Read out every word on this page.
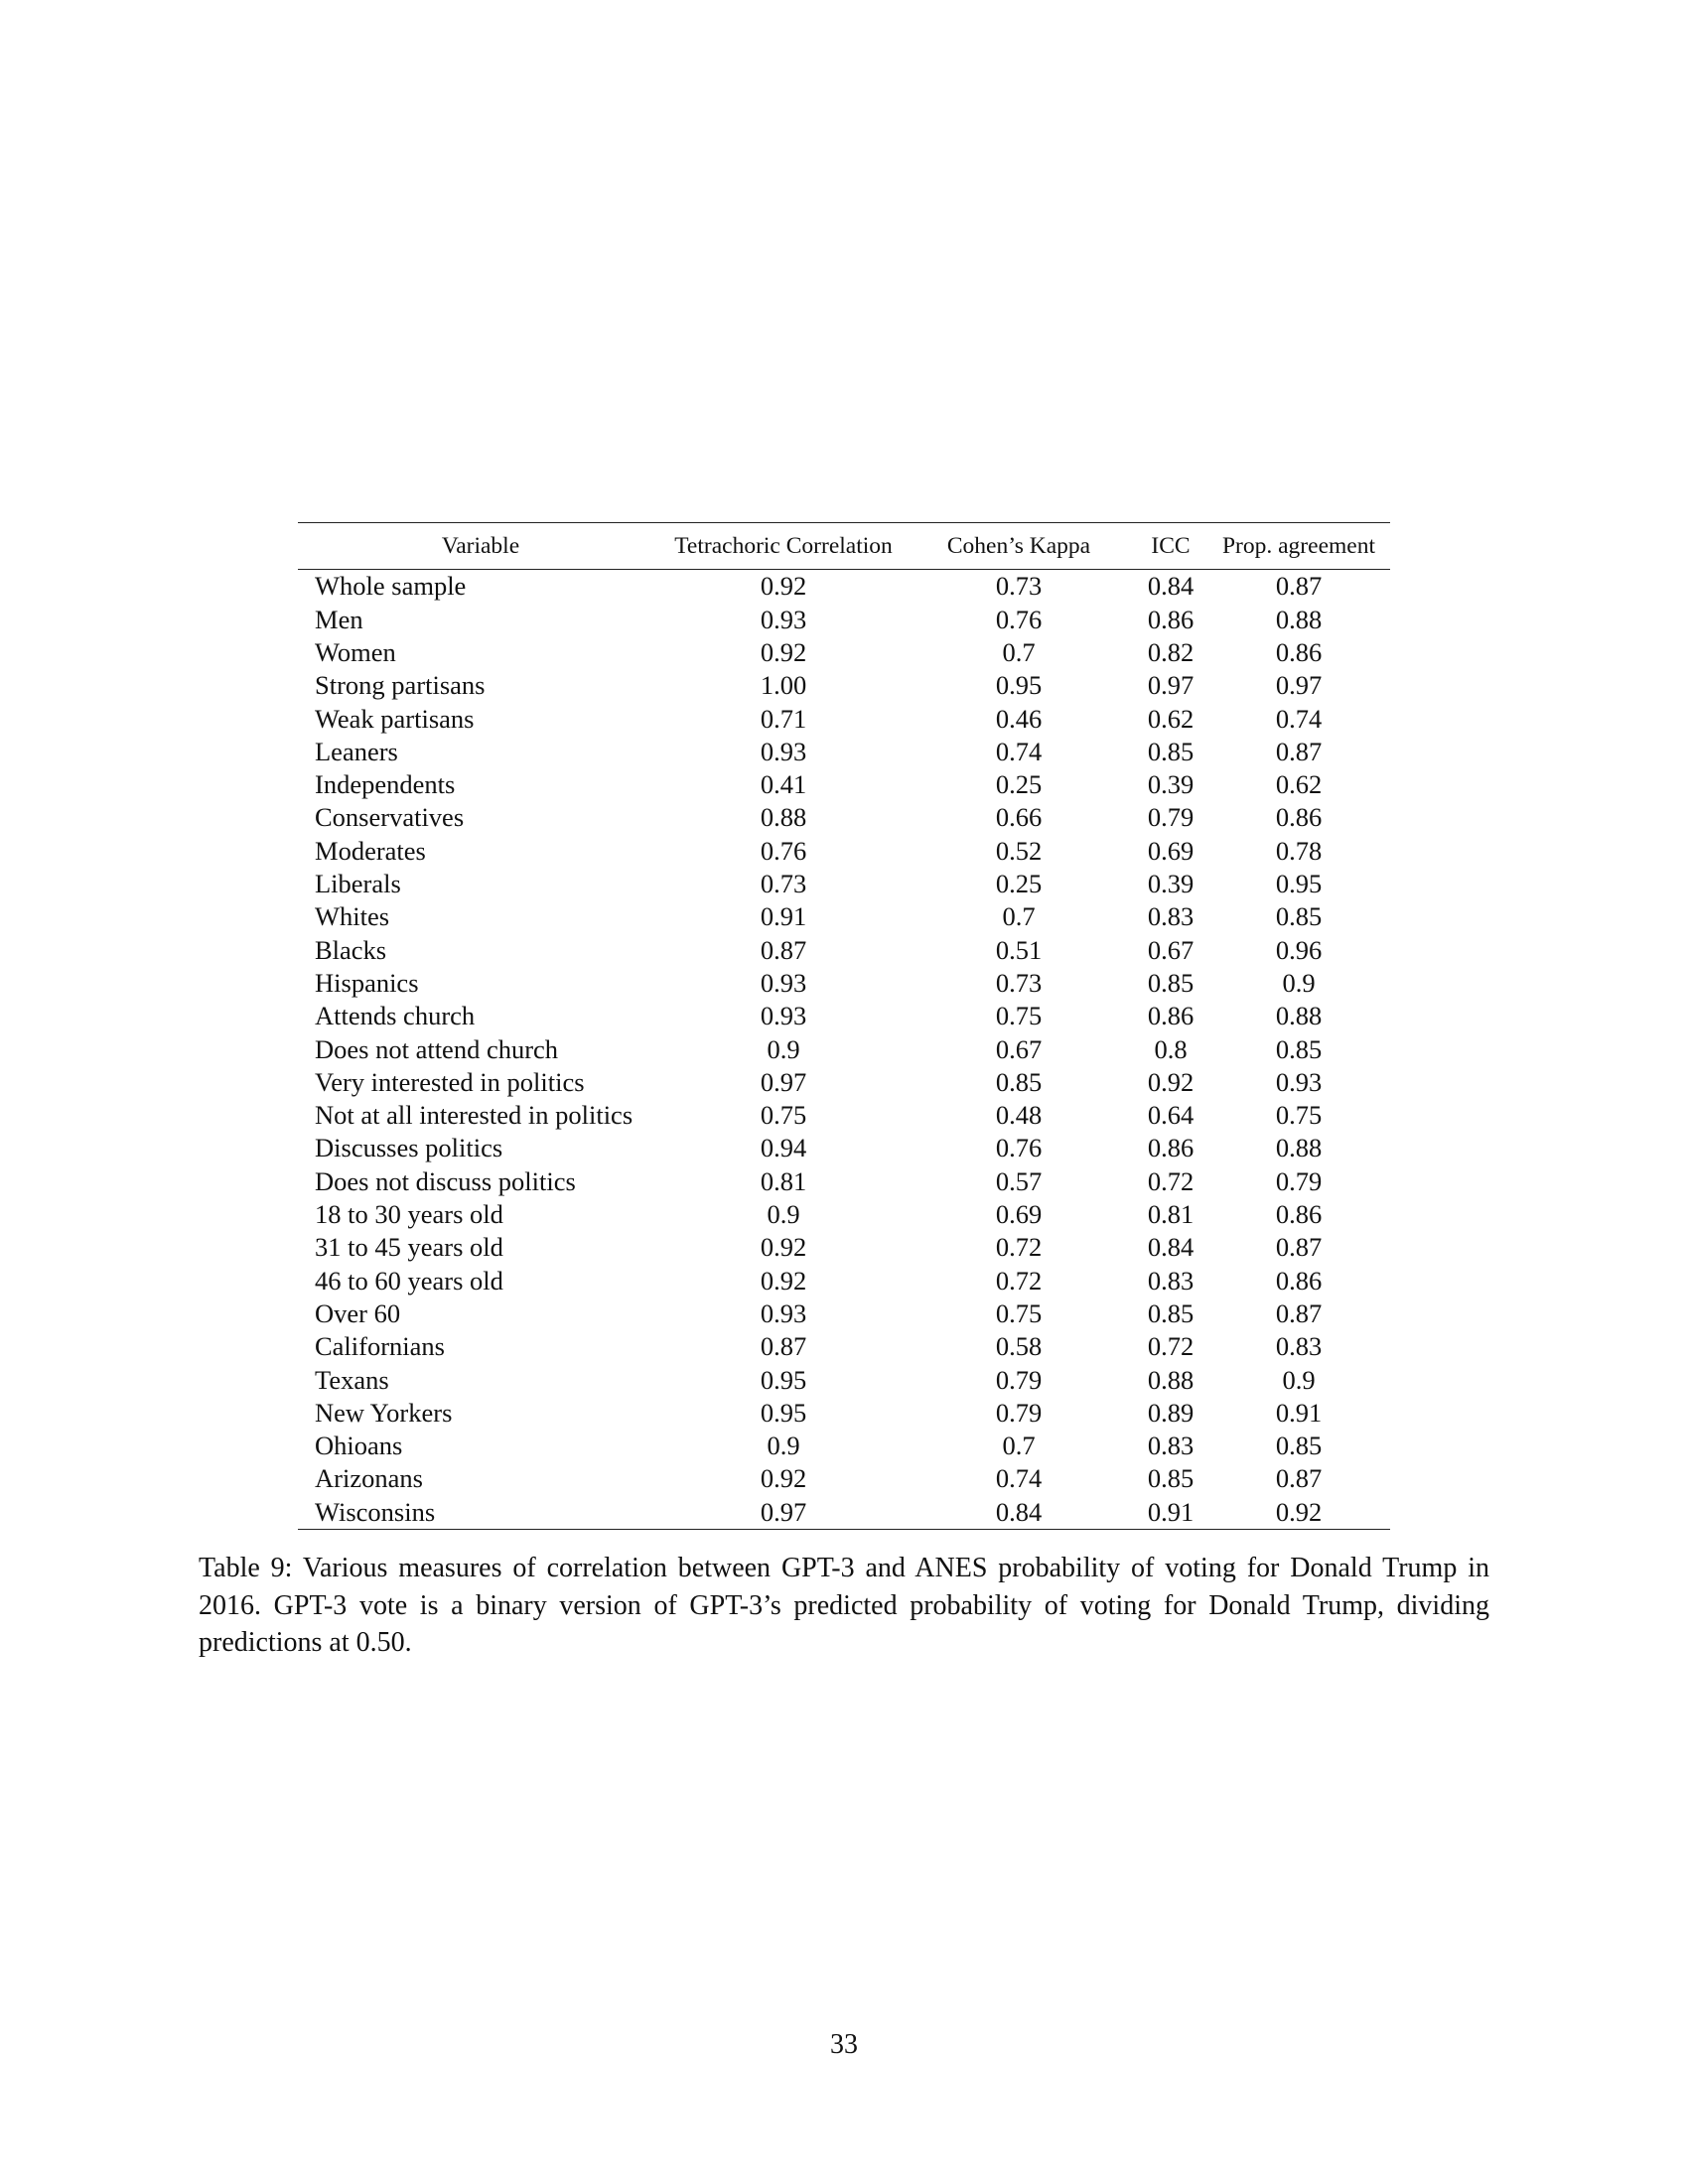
Variable	Tetrachoric Correlation	Cohen’s Kappa	ICC	Prop. agreement
Whole sample	0.92	0.73	0.84	0.87
Men	0.93	0.76	0.86	0.88
Women	0.92	0.7	0.82	0.86
Strong partisans	1.00	0.95	0.97	0.97
Weak partisans	0.71	0.46	0.62	0.74
Leaners	0.93	0.74	0.85	0.87
Independents	0.41	0.25	0.39	0.62
Conservatives	0.88	0.66	0.79	0.86
Moderates	0.76	0.52	0.69	0.78
Liberals	0.73	0.25	0.39	0.95
Whites	0.91	0.7	0.83	0.85
Blacks	0.87	0.51	0.67	0.96
Hispanics	0.93	0.73	0.85	0.9
Attends church	0.93	0.75	0.86	0.88
Does not attend church	0.9	0.67	0.8	0.85
Very interested in politics	0.97	0.85	0.92	0.93
Not at all interested in politics	0.75	0.48	0.64	0.75
Discusses politics	0.94	0.76	0.86	0.88
Does not discuss politics	0.81	0.57	0.72	0.79
18 to 30 years old	0.9	0.69	0.81	0.86
31 to 45 years old	0.92	0.72	0.84	0.87
46 to 60 years old	0.92	0.72	0.83	0.86
Over 60	0.93	0.75	0.85	0.87
Californians	0.87	0.58	0.72	0.83
Texans	0.95	0.79	0.88	0.9
New Yorkers	0.95	0.79	0.89	0.91
Ohioans	0.9	0.7	0.83	0.85
Arizonans	0.92	0.74	0.85	0.87
Wisconsins	0.97	0.84	0.91	0.92

Table 9: Various measures of correlation between GPT-3 and ANES probability of voting for Donald Trump in 2016. GPT-3 vote is a binary version of GPT-3’s predicted probability of voting for Donald Trump, dividing predictions at 0.50.

33
